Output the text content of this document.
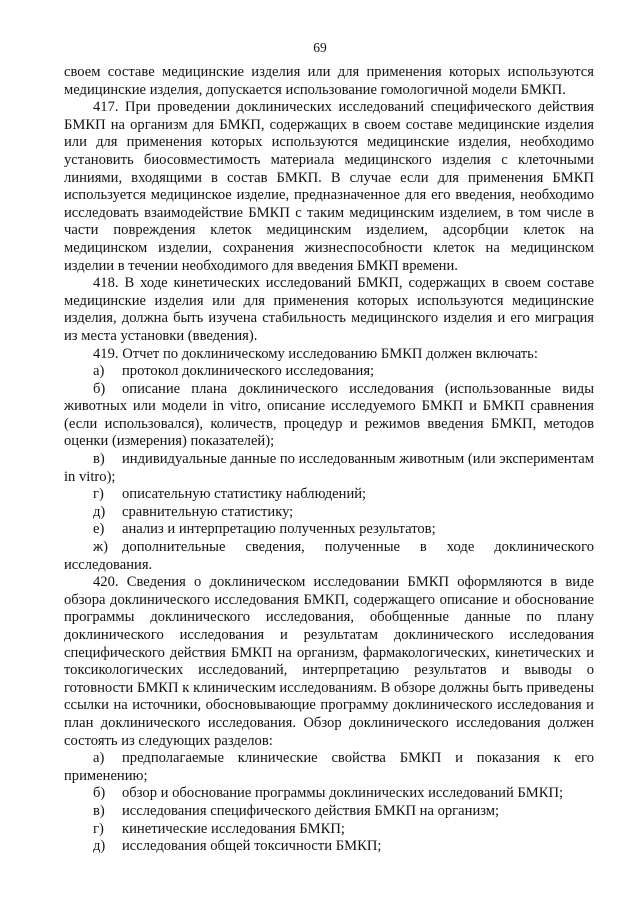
69

своем составе медицинские изделия или для применения которых используются медицинские изделия, допускается использование гомологичной модели БМКП.

417. При проведении доклинических исследований специфического действия БМКП на организм для БМКП, содержащих в своем составе медицинские изделия или для применения которых используются медицинские изделия, необходимо установить биосовместимость материала медицинского изделия с клеточными линиями, входящими в состав БМКП. В случае если для применения БМКП используется медицинское изделие, предназначенное для его введения, необходимо исследовать взаимодействие БМКП с таким медицинским изделием, в том числе в части повреждения клеток медицинским изделием, адсорбции клеток на медицинском изделии, сохранения жизнеспособности клеток на медицинском изделии в течении необходимого для введения БМКП времени.

418. В ходе кинетических исследований БМКП, содержащих в своем составе медицинские изделия или для применения которых используются медицинские изделия, должна быть изучена стабильность медицинского изделия и его миграция из места установки (введения).

419. Отчет по доклиническому исследованию БМКП должен включать:

а)	протокол доклинического исследования;

б) описание плана доклинического исследования (использованные виды животных или модели in vitro, описание исследуемого БМКП и БМКП сравнения (если использовался), количеств, процедур и режимов введения БМКП, методов оценки (измерения) показателей);

в) индивидуальные данные по исследованным животным (или экспериментам in vitro);

г)	описательную статистику наблюдений;
д)	сравнительную статистику;
е)	анализ и интерпретацию полученных результатов;

ж) дополнительные сведения, полученные в ходе доклинического исследования.

420. Сведения о доклиническом исследовании БМКП оформляются в виде обзора доклинического исследования БМКП, содержащего описание и обоснование программы доклинического исследования, обобщенные данные по плану доклинического исследования и результатам доклинического исследования специфического действия БМКП на организм, фармакологических, кинетических и токсикологических исследований, интерпретацию результатов и выводы о готовности БМКП к клиническим исследованиям. В обзоре должны быть приведены ссылки на источники, обосновывающие программу доклинического исследования и план доклинического исследования. Обзор доклинического исследования должен состоять из следующих разделов:

а) предполагаемые клинические свойства БМКП и показания к его применению;

б)	обзор и обоснование программы доклинических исследований БМКП;
в)	исследования специфического действия БМКП на организм;
г)	кинетические исследования БМКП;
д)	исследования общей токсичности БМКП;
